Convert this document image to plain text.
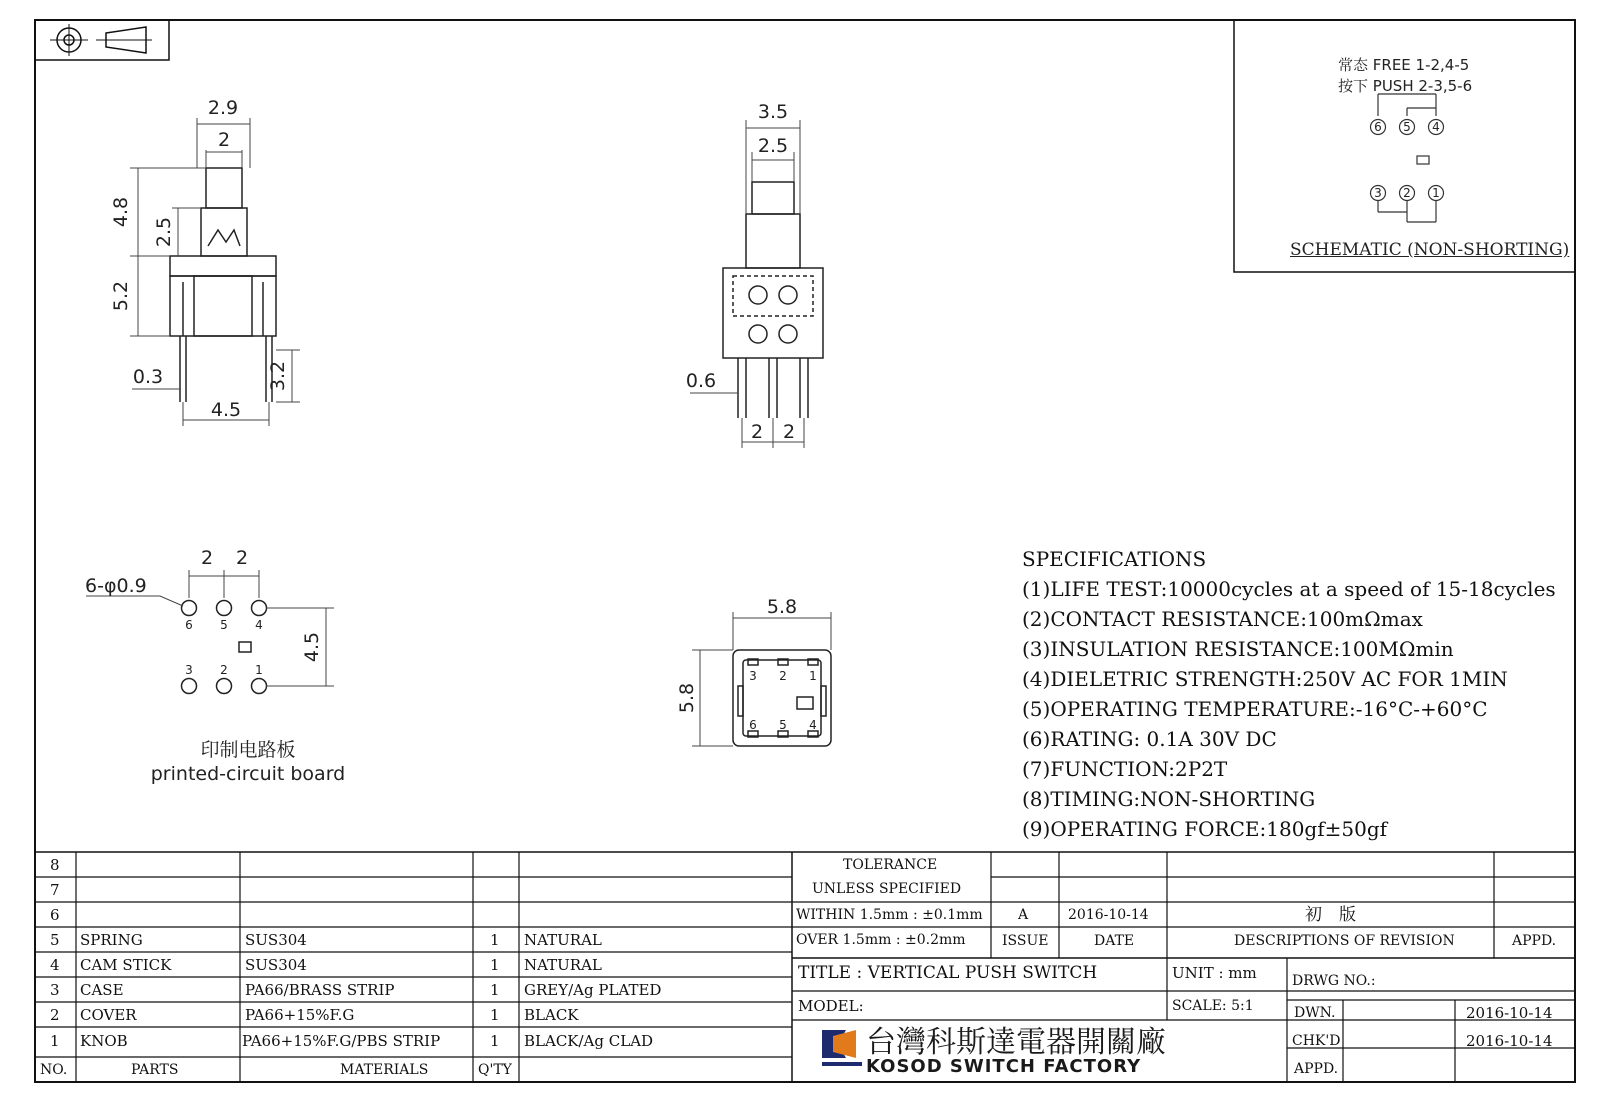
2.9
2
4.8
2.5
5.2
0.3	3.2
4.5
3.5
2.5
0.6
2 2
2 2
6-φ0.9
4.5
6 5 4
3 2 1
印制电路板
printed-circuit board
5.8
5.8
3 2 1
6 5 4
6 5 4
3 2 1
常态 FREE 1-2,4-5
按下 PUSH 2-3,5-6
SCHEMATIC (NON-SHORTING)
SPECIFICATIONS
(1)LIFE TEST:10000cycles at a speed of 15-18cycles
(2)CONTACT RESISTANCE:100mΩmax
(3)INSULATION RESISTANCE:100MΩmin
(4)DIELETRIC STRENGTH:250V AC FOR 1MIN
(5)OPERATING TEMPERATURE:-16°C-+60°C
(6)RATING: 0.1A 30V DC
(7)FUNCTION:2P2T
(8)TIMING:NON-SHORTING
(9)OPERATING FORCE:180gf±50gf
8
7
6
5 SPRING	SUS304	1 NATURAL
4 CAM STICK	SUS304	1 NATURAL
3 CASE	PA66/BRASS STRIP	1 GREY/Ag PLATED
2 COVER	PA66+15%F.G	1 BLACK
1 KNOB	PA66+15%F.G/PBS STRIP	1 BLACK/Ag CLAD
NO.	PARTS	MATERIALS	Q'TY
TOLERANCE
UNLESS SPECIFIED
WITHIN 1.5mm : ±0.1mm
OVER 1.5mm : ±0.2mm
A	2016-10-14	初　版
ISSUE	DATE	DESCRIPTIONS OF REVISION	APPD.
TITLE : VERTICAL PUSH SWITCH	UNIT : mm	DRWG NO.:
MODEL:	SCALE: 5:1	DWN.	2016-10-14
CHK'D	2016-10-14
APPD.
台灣科斯達電器開關廠
KOSOD SWITCH FACTORY
